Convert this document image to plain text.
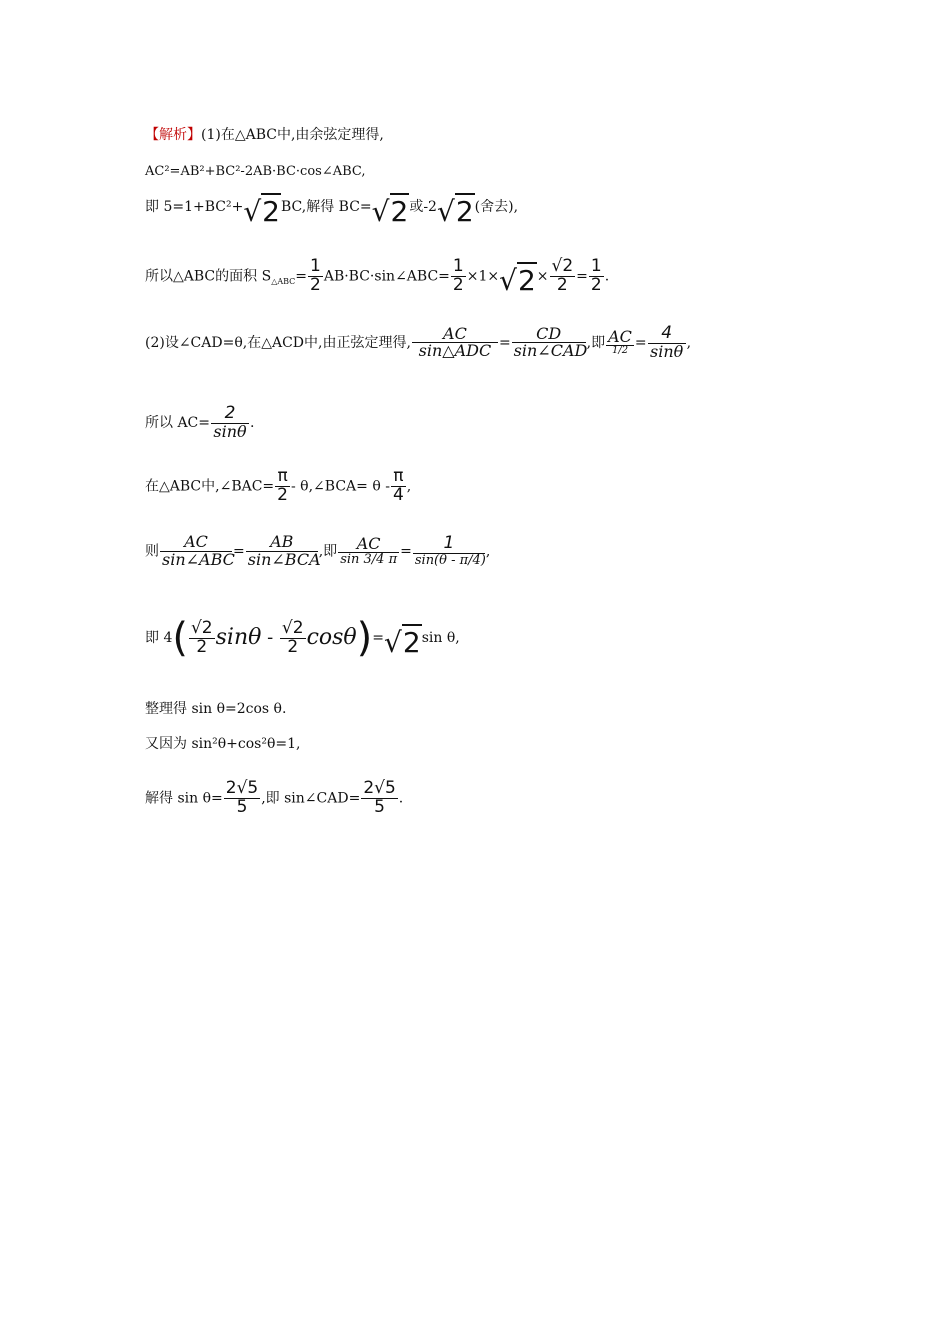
【解析】(1)在△ABC中,由余弦定理得,
AC²=AB²+BC²-2AB·BC·cos∠ABC,
即 5=1+BC²+√2BC,解得 BC=√2或-2√2(舍去),
所以△ABC的面积 $S_{\triangle ABC}= \frac{1}{2}$ AB·BC·sin∠ABC= $\frac{1}{2} \times 1\times√2\times \frac{√2}{2} = \frac{1}{2}$ .
(2)设∠CAD=θ,在△ACD中,由正弦定理得, $\frac{AC}{\text{sin△ADC}} = \frac{CD}{\text{sin∠CAD}}$ ,即 $\frac{AC}{1/2} = \frac{4}{\sin\theta}$ ,
所以 $AC= \frac{2}{\sin\theta}$ .
在△ABC中,∠BAC= $\frac{\pi}{2}$ - θ,∠BCA= θ - $\frac{\pi}{4}$ ,
则 $\frac{AC}{\text{sin∠ABC}} = \frac{AB}{\text{sin∠BCA}}$ ,即 $\frac{AC}{\sin 3/4 \pi} = \frac{1}{\sin(\theta - \pi/4)}$ ,
即 $4( \frac{√2}{2}$ $\sin\theta - \frac{√2}{2} \cos\theta)=√2\sin$ θ,
整理得 sin θ=2cos θ.
又因为 sin²θ+cos²θ=1,
解得 $\sin \theta= \frac{2√5}{5}$ ,即 sin∠CAD= $\frac{2√5}{5}$ .
